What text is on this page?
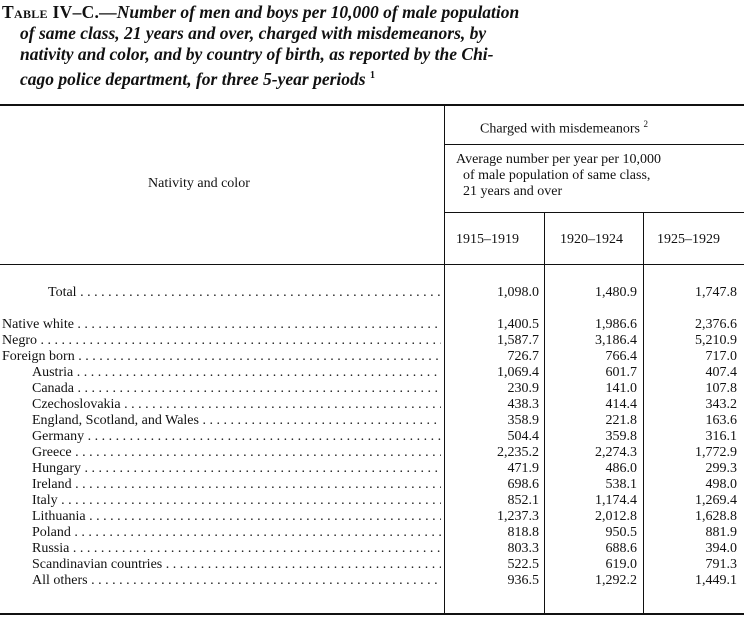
Table IV–C.—Number of men and boys per 10,000 of male population
of same class, 21 years and over, charged with misdemeanors, by
nativity and color, and by country of birth, as reported by the Chi-
cago police department, for three 5-year periods $^1$
Nativity and color
Charged with misdemeanors $^2$
Average number per year per 10,000
of male population of same class,
21 years and over
1915–1919	1920–1924 1925–1929
Total . . .	1,098.0	1,480.9	1,747.8
Native white . . .	1,400.5	1,986.6	2,376.6
Negro . . .	1,587.7	3,186.4	5,210.9
Foreign born . . .	726.7	766.4	717.0
Austria . . .	1,069.4	601.7	407.4
Canada . . .	230.9	141.0	107.8
Czechoslovakia . . .	438.3	414.4	343.2
England, Scotland, and Wales . . .	358.9	221.8	163.6
Germany . . .	504.4	359.8	316.1
Greece . . .	2,235.2	2,274.3	1,772.9
Hungary . . .	471.9	486.0	299.3
Ireland . . .	698.6	538.1	498.0
Italy . . .	852.1	1,174.4	1,269.4
Lithuania . . .	1,237.3	2,012.8	1,628.8
Poland . . .	818.8	950.5	881.9
Russia . . .	803.3	688.6	394.0
Scandinavian countries . . .	522.5	619.0	791.3
All others . . .	936.5	1,292.2	1,449.1
